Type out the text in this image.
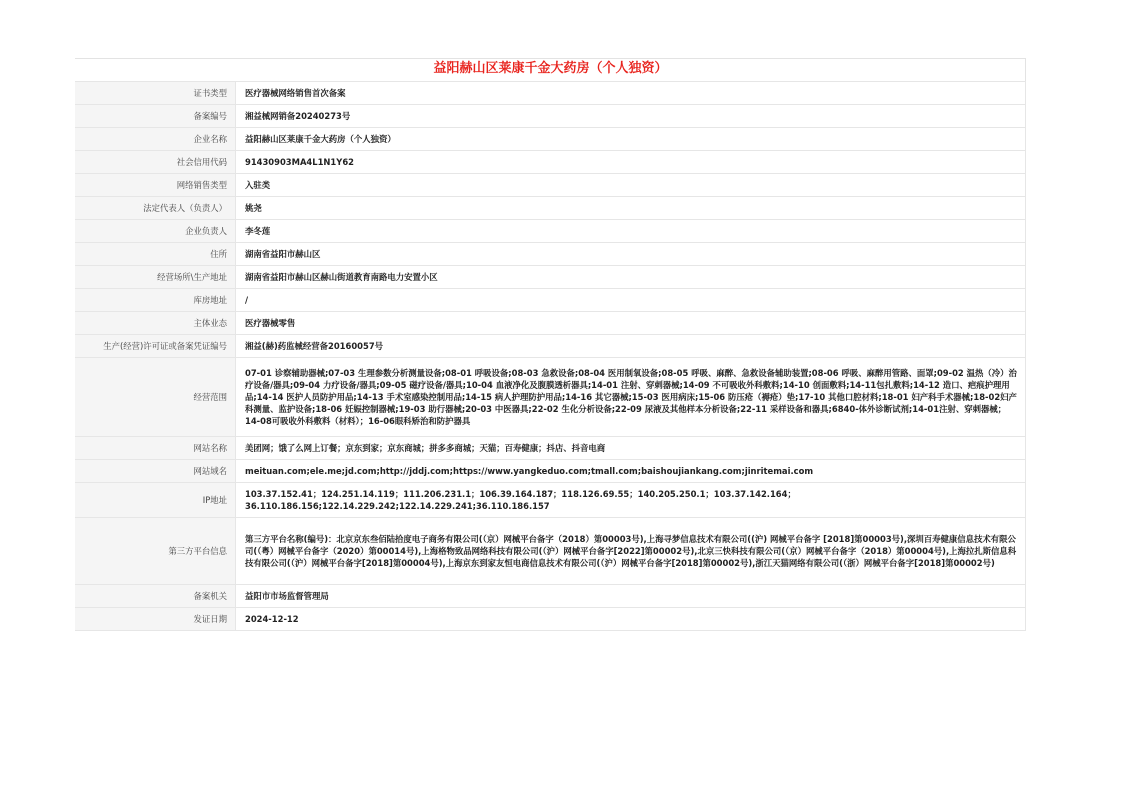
益阳赫山区莱康千金大药房（个人独资）
证书类型	医疗器械网络销售首次备案
备案编号	湘益械网销备20240273号
企业名称	益阳赫山区莱康千金大药房（个人独资）
社会信用代码	91430903MA4L1N1Y62
网络销售类型	入驻类
法定代表人（负责人）	姚尧
企业负责人	李冬莲
住所	湖南省益阳市赫山区
经营场所\生产地址	湖南省益阳市赫山区赫山街道教育南路电力安置小区
库房地址	/
主体业态	医疗器械零售
生产(经营)许可证或备案凭证编号	湘益(赫)药监械经营备20160057号
经营范围	07-01 诊察辅助器械;07-03 生理参数分析测量设备;08-01 呼吸设备;08-03 急救设备;08-04 医用制氧设备;08-05 呼吸、麻醉、急救设备辅助装置;08-06 呼吸、麻醉用管路、面罩;09-02 温热（冷）治疗设备/器具;09-04 力疗设备/器具;09-05 磁疗设备/器具;10-04 血液净化及腹膜透析器具;14-01 注射、穿刺器械;14-09 不可吸收外科敷料;14-10 创面敷料;14-11包扎敷料;14-12 造口、疤痕护理用品;14-14 医护人员防护用品;14-13 手术室感染控制用品;14-15 病人护理防护用品;14-16 其它器械;15-03 医用病床;15-06 防压疮（褥疮）垫;17-10 其他口腔材料;18-01 妇产科手术器械;18-02妇产科测量、监护设备;18-06 妊娠控制器械;19-03 助行器械;20-03 中医器具;22-02 生化分析设备;22-09 尿液及其他样本分析设备;22-11 采样设备和器具;6840-体外诊断试剂;14-01注射、穿刺器械；14-08可吸收外科敷料（材料）；16-06眼科矫治和防护器具
网站名称	美团网；饿了么网上订餐；京东到家；京东商城；拼多多商城；天猫；百寿健康；抖店、抖音电商
网站域名	meituan.com;ele.me;jd.com;http://jddj.com;https://www.yangkeduo.com;tmall.com;baishoujiankang.com;jinritemai.com
IP地址	103.37.152.41；124.251.14.119；111.206.231.1；106.39.164.187；118.126.69.55；140.205.250.1；103.37.142.164；36.110.186.156;122.14.229.242;122.14.229.241;36.110.186.157
第三方平台信息	第三方平台名称(编号)：北京京东叁佰陆拾度电子商务有限公司(（京）网械平台备字（2018）第00003号),上海寻梦信息技术有限公司((沪) 网械平台备字 [2018]第00003号),深圳百寿健康信息技术有限公司(（粤）网械平台备字（2020）第00014号),上海格物致品网络科技有限公司(（沪）网械平台备字[2022]第00002号),北京三快科技有限公司(（京）网械平台备字（2018）第00004号),上海拉扎斯信息科技有限公司(（沪）网械平台备字[2018]第00004号),上海京东到家友恒电商信息技术有限公司(（沪）网械平台备字[2018]第00002号),浙江天猫网络有限公司(（浙）网械平台备字[2018]第00002号)
备案机关	益阳市市场监督管理局
发证日期	2024-12-12
